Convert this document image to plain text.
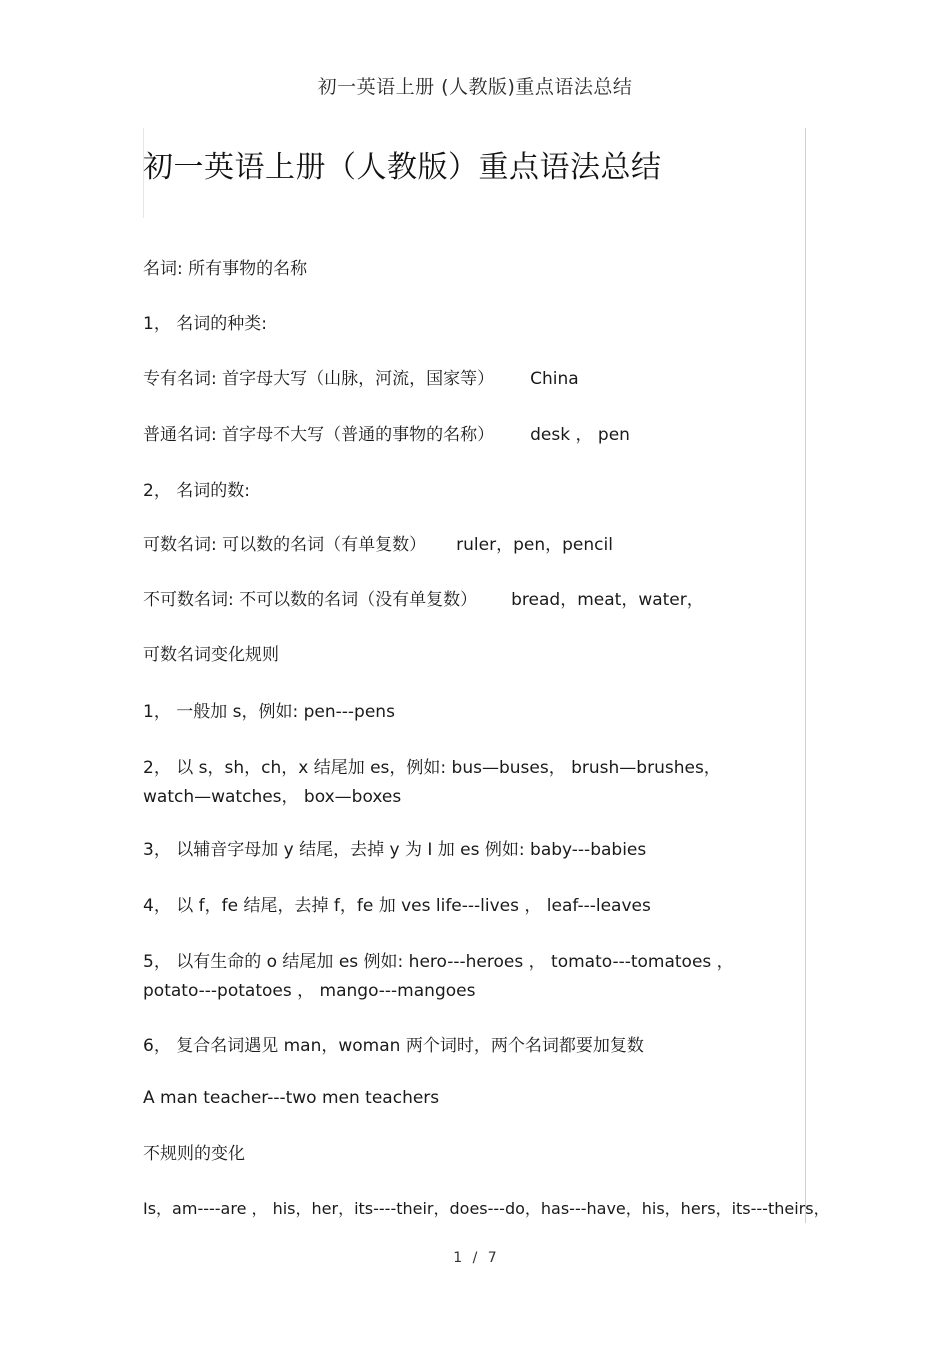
初一英语上册 (人教版)重点语法总结
初一英语上册（人教版）重点语法总结
名词: 所有事物的名称
1， 名词的种类:
专有名词: 首字母大写（山脉，河流，国家等） China
普通名词: 首字母不大写（普通的事物的名称） desk ， pen
2， 名词的数:
可数名词: 可以数的名词（有单复数） ruler，pen，pencil
不可数名词: 不可以数的名词（没有单复数） bread，meat，water，
可数名词变化规则
1， 一般加 s，例如: pen---pens
2， 以 s，sh，ch，x 结尾加 es，例如: bus—buses， brush—brushes，
watch—watches， box—boxes
3， 以辅音字母加 y 结尾，去掉 y 为 I 加 es 例如: baby---babies
4， 以 f，fe 结尾，去掉 f，fe 加 ves life---lives ， leaf---leaves
5， 以有生命的 o 结尾加 es 例如: hero---heroes ， tomato---tomatoes ，
potato---potatoes ， mango---mangoes
6， 复合名词遇见 man，woman 两个词时，两个名词都要加复数
A man teacher---two men teachers
不规则的变化
Is，am----are ， his，her，its----their，does---do，has---have，his，hers，its---theirs，
1 / 7
